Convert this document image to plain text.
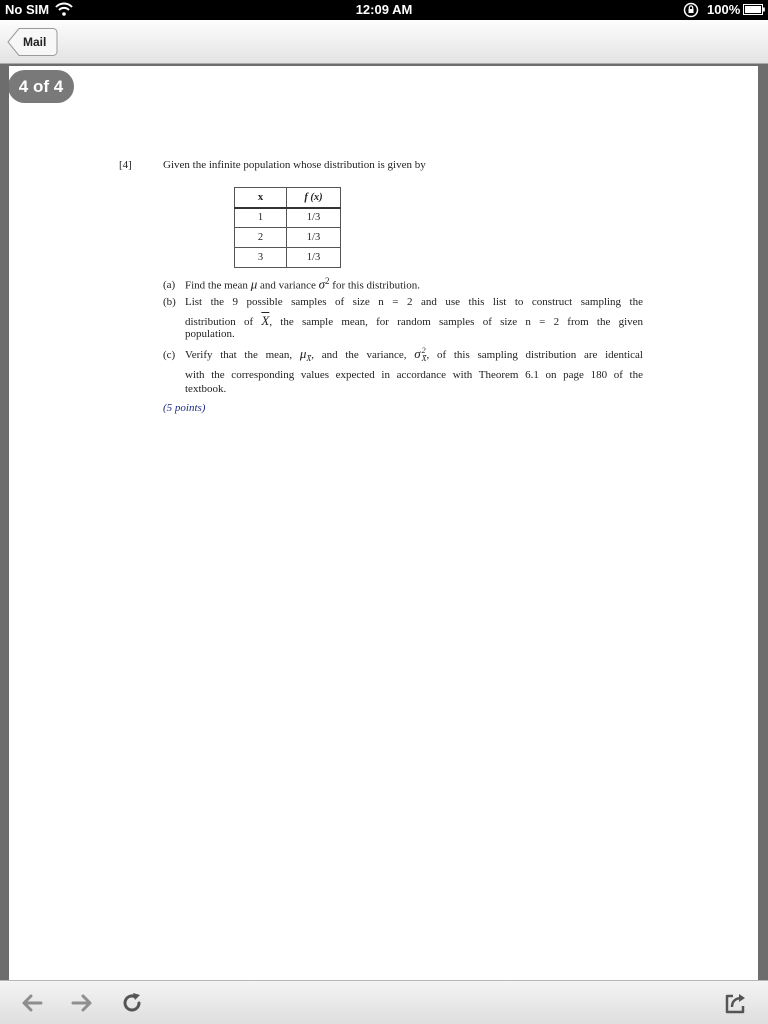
No SIM	12:09 AM	100%
Mail
4 of 4
[4]	Given the infinite population whose distribution is given by
x	f (x)
1	1/3
2	1/3
3	1/3
(a) Find the mean μ and variance $\sigma^2$ for this distribution.
(b) List the 9 possible samples of size n = 2 and use this list to construct sampling the
distribution of $\overline{X}$, the sample mean, for random samples of size n = 2 from the given
population.
(c) Verify that the mean, $\mu_{X̄}$, and the variance, σ 2
X̄ , of this sampling distribution are identical
with the corresponding values expected in accordance with Theorem 6.1 on page 180 of the
textbook.
(5 points)
